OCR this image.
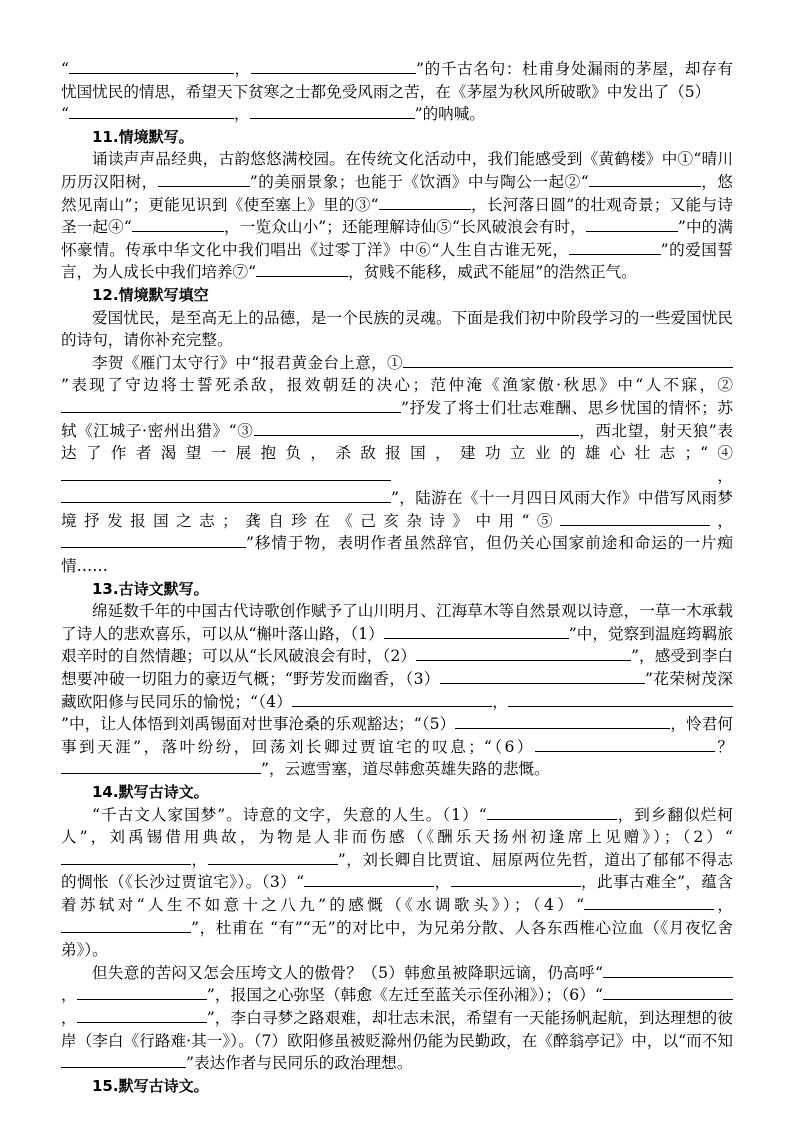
“	，	”的千古名句：杜甫身处漏雨的茅屋，却存有忧国忧民的情思，希望天下贫寒之士都免受风雨之苦，在《茅屋为秋风所破歌》中发出了（5）

“	，	”的呐喊。

11.情境默写。

诵读声声品经典，古韵悠悠满校园。在传统文化活动中，我们能感受到《黄鹤楼》中①“晴川历历汉阳树，	”的美丽景象；也能于《饮酒》中与陶公一起②“	，悠然见南山”；更能见识到《使至塞上》里的③“	，长河落日圆”的壮观奇景；又能与诗圣一起④“	，一览众山小”；还能理解诗仙⑤“长风破浪会有时，	”中的满怀豪情。传承中华文化中我们唱出《过零丁洋》中⑥“人生自古谁无死，	”的爱国誓言，为人成长中我们培养⑦“	，贫贱不能移，威武不能屈”的浩然正气。

12.情境默写填空

爱国忧民，是至高无上的品德，是一个民族的灵魂。下面是我们初中阶段学习的一些爱国忧民的诗句，请你补充完整。

李贺《雁门太守行》中“报君黄金台上意，①”表现了守边将士誓死杀敌，报效朝廷的决心；范仲淹《渔家傲·秋思》中“人不寐，②”抒发了将士们壮志难酬、思乡忧国的情怀；苏轼《江城子·密州出猎》“③	，西北望，射天狼”表达了作者渴望一展抱负，杀敌报国，建功立业的雄心壮志；“④，”，陆游在《十一月四日风雨大作》中借写风雨梦境抒发报国之志；龚自珍在《己亥杂诗》中用“⑤	，”移情于物，表明作者虽然辞官，但仍关心国家前途和命运的一片痴情……

13.古诗文默写。

绵延数千年的中国古代诗歌创作赋予了山川明月、江海草木等自然景观以诗意，一草一木承载了诗人的悲欢喜乐，可以从“槲叶落山路，（1）	”中，觉察到温庭筠羁旅艰辛时的自然情趣；可以从“长风破浪会有时，（2）	”，感受到李白想要冲破一切阻力的豪迈气概；“野芳发而幽香，（3）	”花荣树茂深藏欧阳修与民同乐的愉悦；“（4）	，”中，让人体悟到刘禹锡面对世事沧桑的乐观豁达；“（5）	，怜君何事到天涯”，落叶纷纷，回荡刘长卿过贾谊宅的叹息；“（6）	？”，云遮雪塞，道尽韩愈英雄失路的悲慨。

14.默写古诗文。

“千古文人家国梦”。诗意的文字，失意的人生。（1）“	，到乡翻似烂柯人”，刘禹锡借用典故，为物是人非而伤感（《酬乐天扬州初逢席上见赠》）；（2）“，	”，刘长卿自比贾谊、屈原两位先哲，道出了郁郁不得志的惆怅（《长沙过贾谊宅》）。（3）“	，	，此事古难全”，蕴含着苏轼对“人生不如意十之八九”的感慨（《水调歌头》）；（4）“	，”，杜甫在 “有”“无”的对比中，为兄弟分散、人各东西椎心泣血（《月夜忆舍弟》）。

但失意的苦闷又怎会压垮文人的傲骨？（5）韩愈虽被降职远谪，仍高呼“，	”，报国之心弥坚（韩愈《左迁至蓝关示侄孙湘》）；（6）“，	”，李白寻梦之路艰难，却壮志未泯，希望有一天能扬帆起航，到达理想的彼岸（李白《行路难·其一》）。（7）欧阳修虽被贬滁州仍能为民勤政，在《醉翁亭记》中，以“而不知”表达作者与民同乐的政治理想。

15.默写古诗文。
